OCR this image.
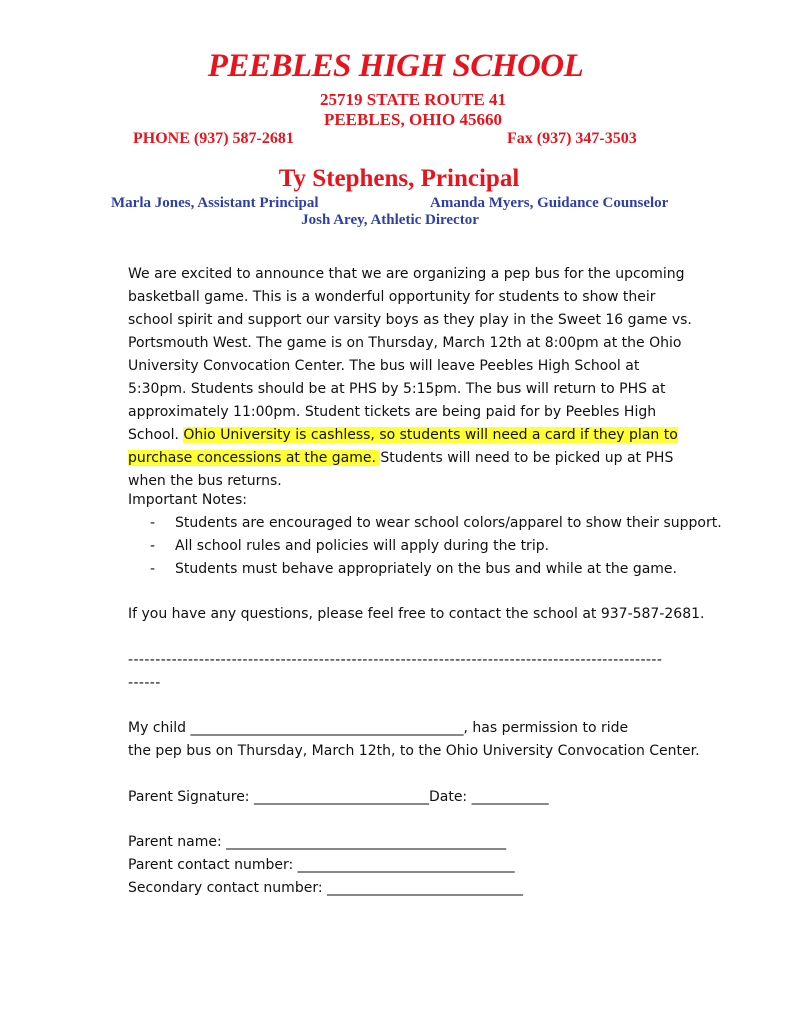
PEEBLES HIGH SCHOOL
25719 STATE ROUTE 41
PEEBLES, OHIO 45660
PHONE (937) 587-2681	Fax (937) 347-3503
Ty Stephens, Principal
Marla Jones, Assistant Principal	Amanda Myers, Guidance Counselor
Josh Arey, Athletic Director

We are excited to announce that we are organizing a pep bus for the upcoming basketball game. This is a wonderful opportunity for students to show their school spirit and support our varsity boys as they play in the Sweet 16 game vs. Portsmouth West. The game is on Thursday, March 12th at 8:00pm at the Ohio University Convocation Center. The bus will leave Peebles High School at 5:30pm. Students should be at PHS by 5:15pm. The bus will return to PHS at approximately 11:00pm. Student tickets are being paid for by Peebles High School. Ohio University is cashless, so students will need a card if they plan to purchase concessions at the game. Students will need to be picked up at PHS when the bus returns.

Important Notes:
- Students are encouraged to wear school colors/apparel to show their support.
- All school rules and policies will apply during the trip.
- Students must behave appropriately on the bus and while at the game.
If you have any questions, please feel free to contact the school at 937-587-2681.
--------------------------------------------------------------------------------------------------
------
My child _______________________________________, has permission to ride
the pep bus on Thursday, March 12th, to the Ohio University Convocation Center.
Parent Signature: _________________________Date: ___________
Parent name: ________________________________________
Parent contact number: _______________________________
Secondary contact number: ____________________________
